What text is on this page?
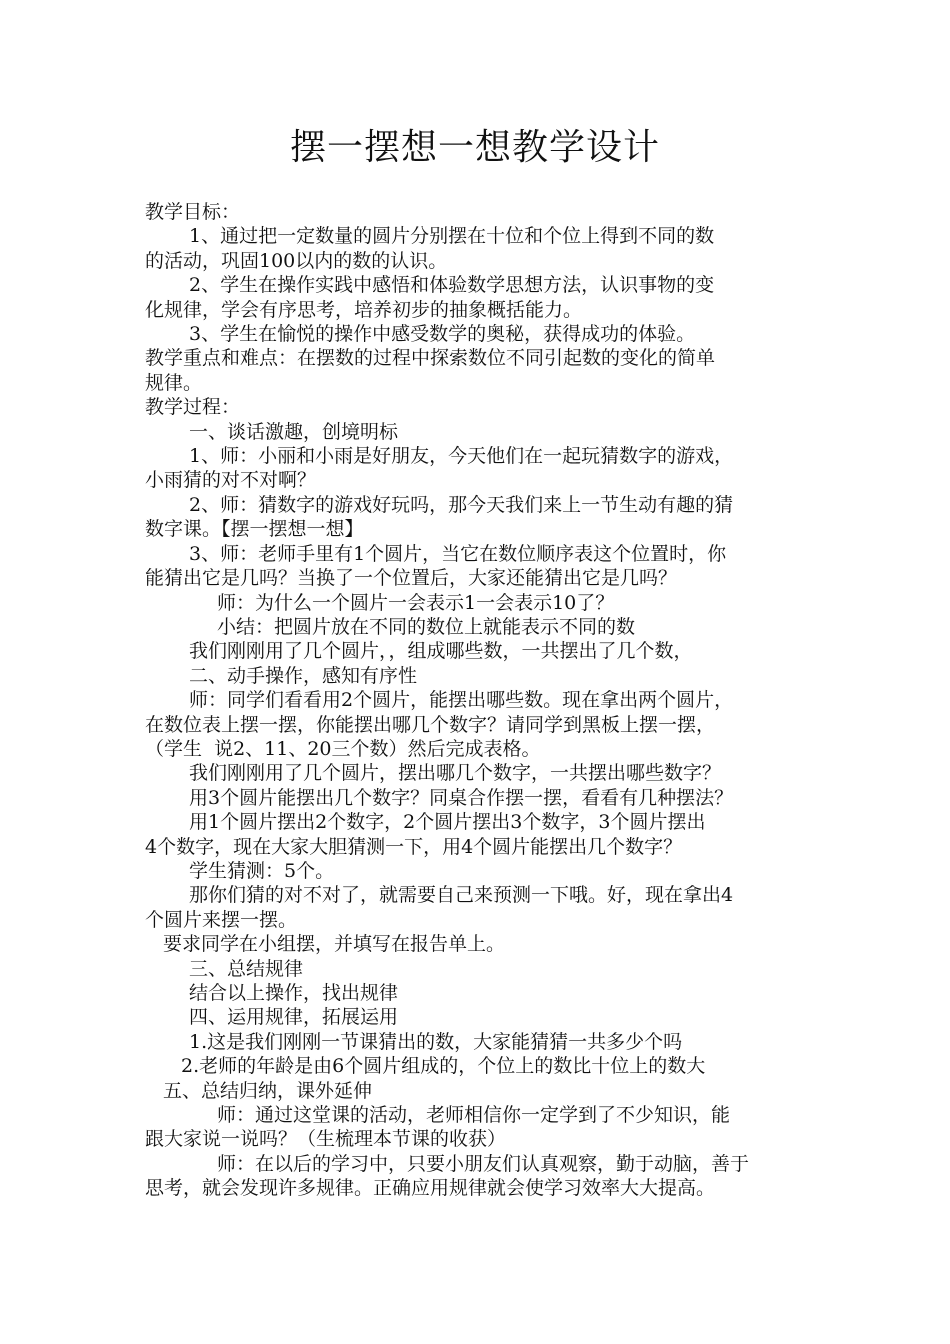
摆一摆想一想教学设计

教学目标：

1、通过把一定数量的圆片分别摆在十位和个位上得到不同的数

的活动，巩固100以内的数的认识。

2、学生在操作实践中感悟和体验数学思想方法，认识事物的变

化规律，学会有序思考，培养初步的抽象概括能力。

3、学生在愉悦的操作中感受数学的奥秘，获得成功的体验。

教学重点和难点：在摆数的过程中探索数位不同引起数的变化的简单

规律。

教学过程：

一、谈话激趣，创境明标

1、师：小丽和小雨是好朋友，今天他们在一起玩猜数字的游戏，

小雨猜的对不对啊？

2、师：猜数字的游戏好玩吗，那今天我们来上一节生动有趣的猜

数字课。【摆一摆想一想】

3、师：老师手里有1个圆片，当它在数位顺序表这个位置时，你

能猜出它是几吗？当换了一个位置后，大家还能猜出它是几吗？

师：为什么一个圆片一会表示1一会表示10了？

小结：把圆片放在不同的数位上就能表示不同的数

我们刚刚用了几个圆片，，组成哪些数，一共摆出了几个数，

二、动手操作，感知有序性

师：同学们看看用2个圆片，能摆出哪些数。现在拿出两个圆片，

在数位表上摆一摆，你能摆出哪几个数字？请同学到黑板上摆一摆，

（学生  说2、11、20三个数）然后完成表格。

我们刚刚用了几个圆片，摆出哪几个数字，一共摆出哪些数字？

用3个圆片能摆出几个数字？同桌合作摆一摆，看看有几种摆法？

用1个圆片摆出2个数字，2个圆片摆出3个数字，3个圆片摆出

4个数字，现在大家大胆猜测一下，用4个圆片能摆出几个数字？

学生猜测：5个。

那你们猜的对不对了，就需要自己来预测一下哦。好，现在拿出4

个圆片来摆一摆。

要求同学在小组摆，并填写在报告单上。

三、总结规律

结合以上操作，找出规律

四、运用规律，拓展运用

1.这是我们刚刚一节课猜出的数，大家能猜猜一共多少个吗

2.老师的年龄是由6个圆片组成的，个位上的数比十位上的数大

五、总结归纳，课外延伸

师：通过这堂课的活动，老师相信你一定学到了不少知识，能

跟大家说一说吗？（生梳理本节课的收获）

师：在以后的学习中，只要小朋友们认真观察，勤于动脑，善于

思考，就会发现许多规律。正确应用规律就会使学习效率大大提高。
